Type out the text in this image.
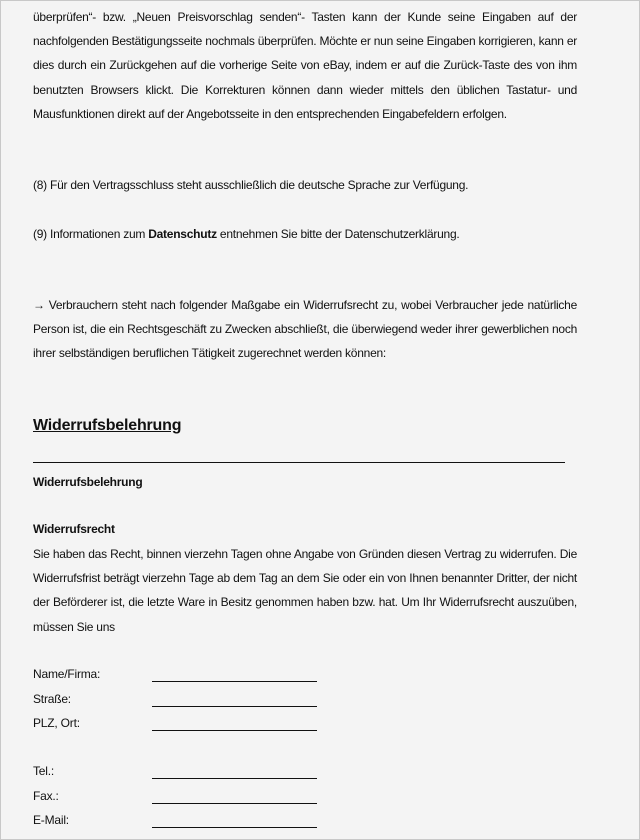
überprüfen“- bzw. „Neuen Preisvorschlag senden“- Tasten kann der Kunde seine Eingaben auf der nachfolgenden Bestätigungsseite nochmals überprüfen. Möchte er nun seine Eingaben korrigieren, kann er dies durch ein Zurückgehen auf die vorherige Seite von eBay, indem er auf die Zurück-Taste des von ihm benutzten Browsers klickt. Die Korrekturen können dann wieder mittels den üblichen Tastatur- und Mausfunktionen direkt auf der Angebotsseite in den entsprechenden Eingabefeldern erfolgen.
(8) Für den Vertragsschluss steht ausschließlich die deutsche Sprache zur Verfügung.
(9) Informationen zum Datenschutz entnehmen Sie bitte der Datenschutzerklärung.
→ Verbrauchern steht nach folgender Maßgabe ein Widerrufsrecht zu, wobei Verbraucher jede natürliche Person ist, die ein Rechtsgeschäft zu Zwecken abschließt, die überwiegend weder ihrer gewerblichen noch ihrer selbständigen beruflichen Tätigkeit zugerechnet werden können:
Widerrufsbelehrung
Widerrufsbelehrung
Widerrufsrecht
Sie haben das Recht, binnen vierzehn Tagen ohne Angabe von Gründen diesen Vertrag zu widerrufen. Die Widerrufsfrist beträgt vierzehn Tage ab dem Tag an dem Sie oder ein von Ihnen benannter Dritter, der nicht der Beförderer ist, die letzte Ware in Besitz genommen haben bzw. hat. Um Ihr Widerrufsrecht auszuüben, müssen Sie uns
Name/Firma:
Straße:
PLZ, Ort:
Tel.:
Fax.:
E-Mail:
